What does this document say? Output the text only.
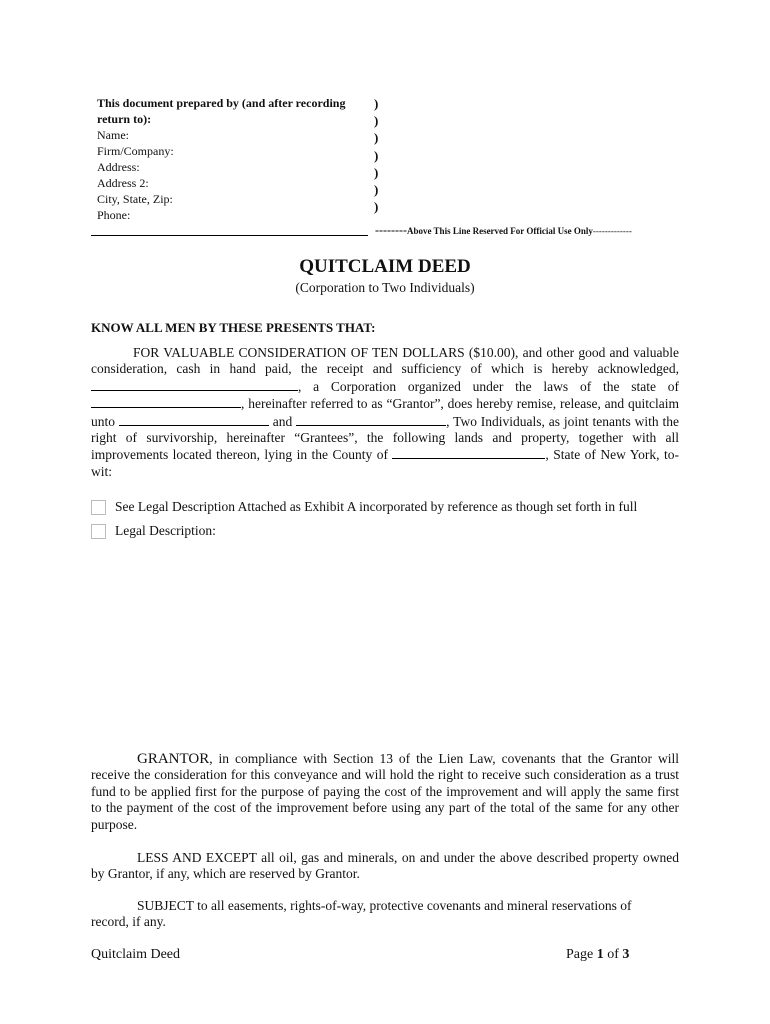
This document prepared by (and after recording
return to):
Name:
Firm/Company:
Address:
Address 2:
City, State, Zip:
Phone:
)
)
)
)
)
)
)
--------Above This Line Reserved For Official Use Only-------------
QUITCLAIM DEED
(Corporation to Two Individuals)
KNOW ALL MEN BY THESE PRESENTS THAT:
FOR VALUABLE CONSIDERATION OF TEN DOLLARS ($10.00), and other good and valuable consideration, cash in hand paid, the receipt and sufficiency of which is hereby acknowledged, , a Corporation organized under the laws of the state of , hereinafter referred to as “Grantor”, does hereby remise, release, and quitclaim unto	and	, Two Individuals, as joint tenants with the right of survivorship, hereinafter “Grantees”, the following lands and property, together with all improvements located thereon, lying in the County of	, State of New York, to-wit:
See Legal Description Attached as Exhibit A incorporated by reference as though set forth in full
Legal Description:
GRANTOR, in compliance with Section 13 of the Lien Law, covenants that the Grantor will receive the consideration for this conveyance and will hold the right to receive such consideration as a trust fund to be applied first for the purpose of paying the cost of the improvement and will apply the same first to the payment of the cost of the improvement before using any part of the total of the same for any other purpose.
LESS AND EXCEPT all oil, gas and minerals, on and under the above described property owned by Grantor, if any, which are reserved by Grantor.
SUBJECT to all easements, rights-of-way, protective covenants and mineral reservations of record, if any.
Quitclaim Deed	Page 1 of 3
